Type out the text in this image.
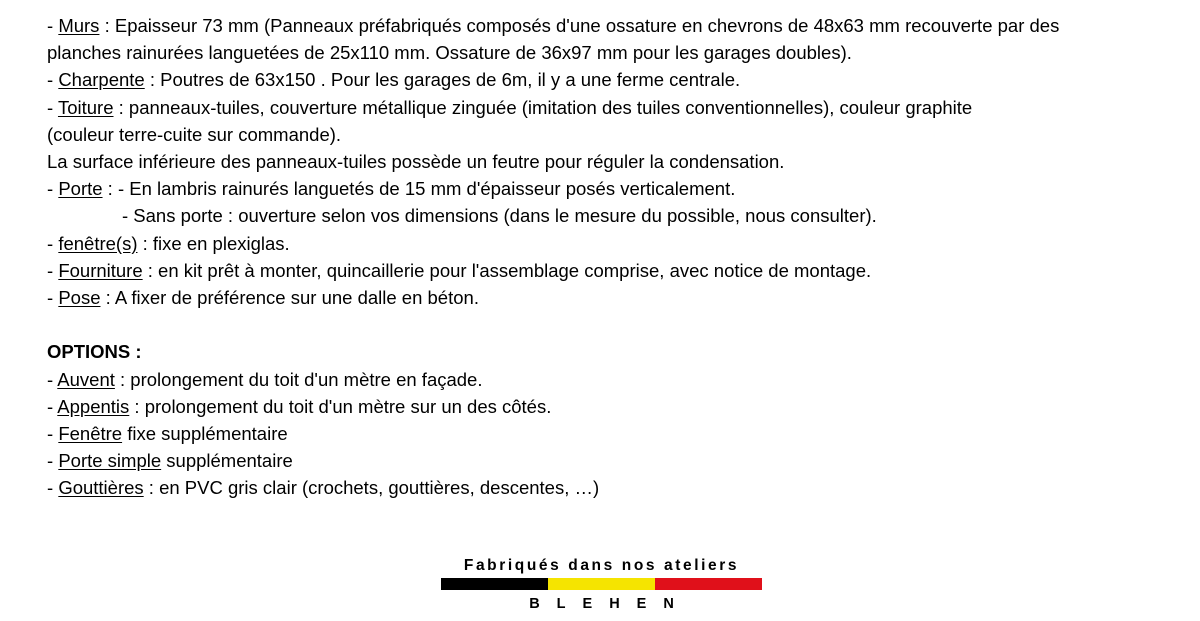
- Murs : Epaisseur 73 mm (Panneaux préfabriqués composés d'une ossature en chevrons de 48x63 mm recouverte par des
planches rainurées languetées de 25x110 mm. Ossature de 36x97 mm pour les garages doubles).
- Charpente : Poutres de 63x150 . Pour les garages de 6m, il y a une ferme centrale.
- Toiture : panneaux-tuiles, couverture métallique zinguée (imitation des tuiles conventionnelles), couleur graphite
(couleur terre-cuite sur commande).
La surface inférieure des panneaux-tuiles possède un feutre pour réguler la condensation.
- Porte : - En lambris rainurés languetés de 15 mm d'épaisseur posés verticalement.
- Sans porte : ouverture selon vos dimensions (dans le mesure du possible, nous consulter).
- fenêtre(s) : fixe en plexiglas.
- Fourniture : en kit prêt à monter, quincaillerie pour l'assemblage comprise, avec notice de montage.
- Pose : A fixer de préférence sur une dalle en béton.
OPTIONS :
- Auvent : prolongement du toit d'un mètre en façade.
- Appentis : prolongement du toit d'un mètre sur un des côtés.
- Fenêtre fixe supplémentaire
- Porte simple supplémentaire
- Gouttières : en PVC gris clair (crochets, gouttières, descentes, …)
Fabriqués dans nos ateliers
BLEHEN
